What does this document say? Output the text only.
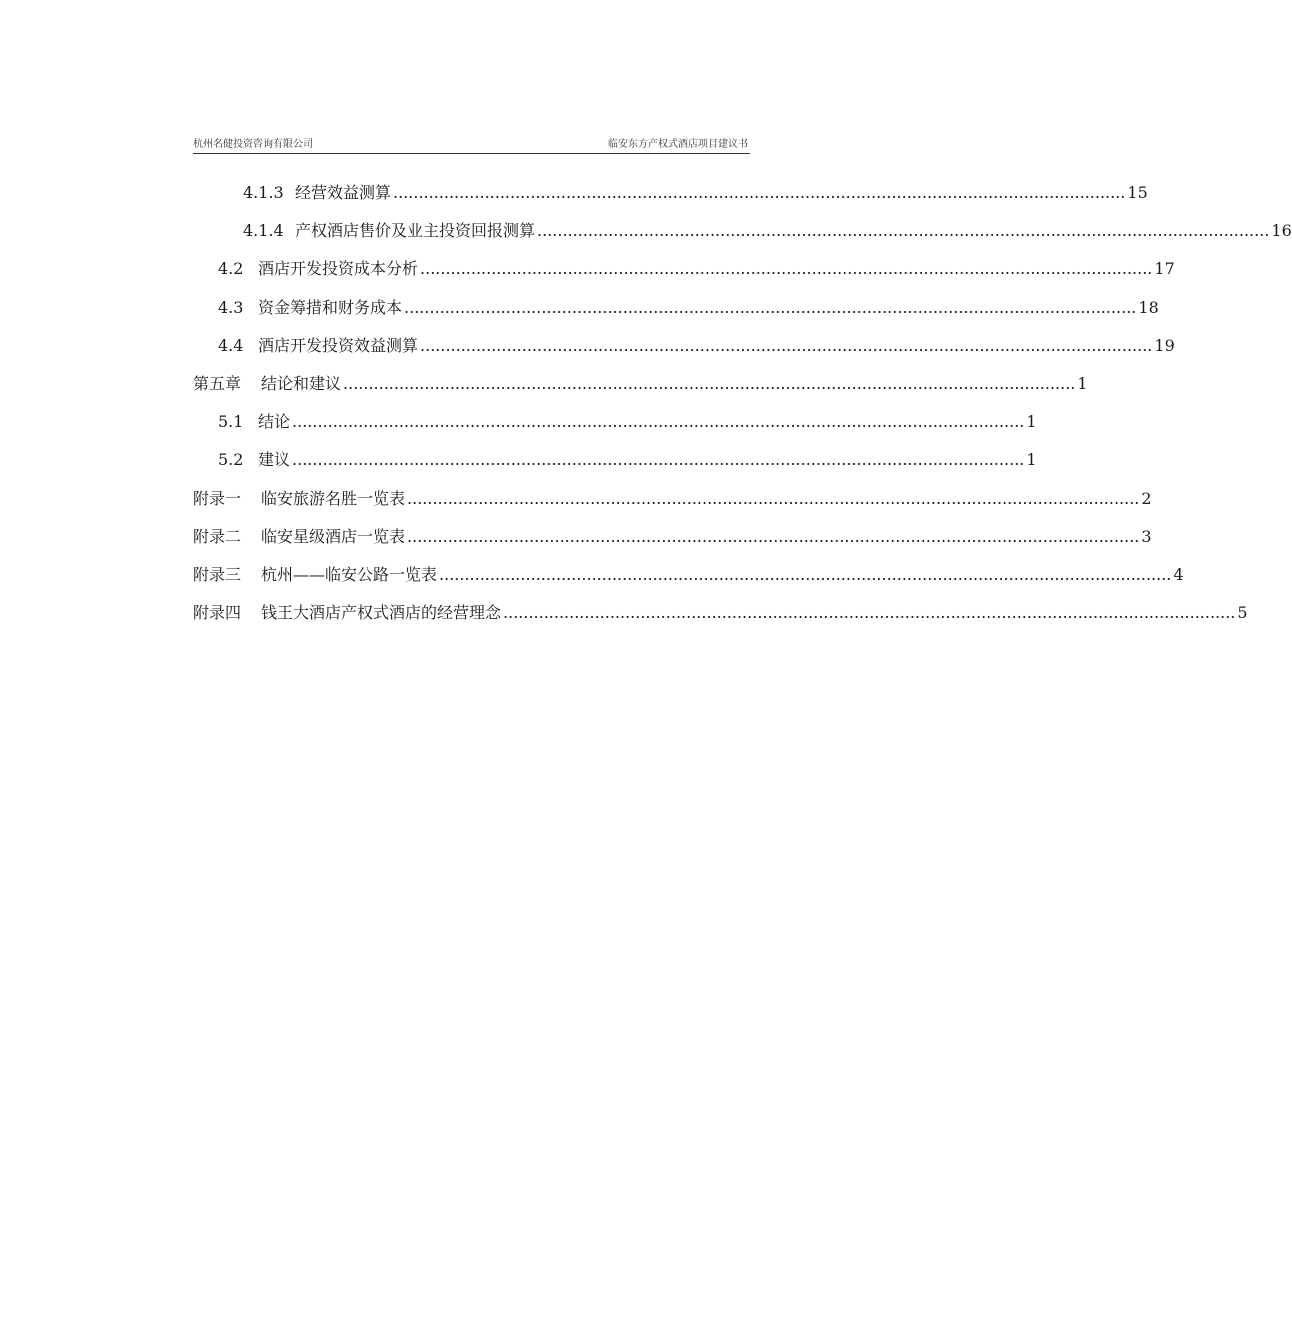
杭州名健投资咨询有限公司	临安东方产权式酒店项目建议书
4.1.3 经营效益测算 ................................................................................................................................................ 15
4.1.4 产权酒店售价及业主投资回报测算 ................................................................................................................................................ 16
4.2 酒店开发投资成本分析 ................................................................................................................................................ 17
4.3 资金筹措和财务成本 ................................................................................................................................................ 18
4.4 酒店开发投资效益测算 ................................................................................................................................................ 19
第五章	结论和建议 ................................................................................................................................................ 1
5.1 结论 ................................................................................................................................................ 1
5.2 建议 ................................................................................................................................................ 1
附录一	临安旅游名胜一览表 ................................................................................................................................................ 2
附录二	临安星级酒店一览表 ................................................................................................................................................ 3
附录三	杭州——临安公路一览表 ................................................................................................................................................ 4
附录四	钱王大酒店产权式酒店的经营理念 ................................................................................................................................................ 5
